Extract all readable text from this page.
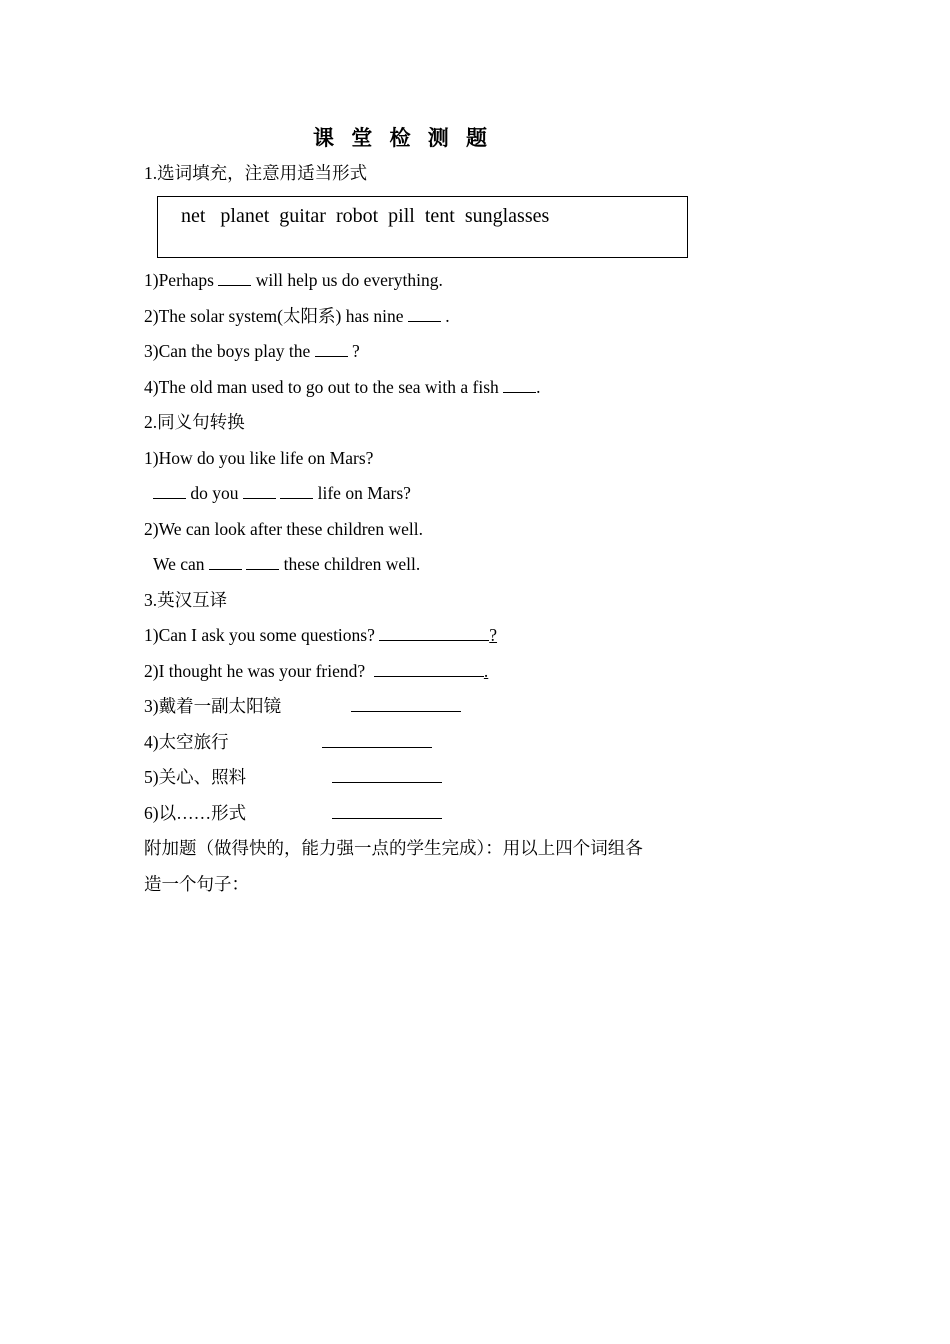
课 堂 检 测 题
1.选词填充，注意用适当形式
net   planet  guitar  robot  pill  tent  sunglasses
1)Perhaps  will help us do everything.
2)The solar system(太阳系) has nine  .
3)Can the boys play the  ?
4)The old man used to go out to the sea with a fish .
2.同义句转换
1)How do you like life on Mars?
do you	life on Mars?
2)We can look after these children well.
We can	these children well.
3.英汉互译
1)Can I ask you some questions?	?
2)I thought he was your friend?	.
3)戴着一副太阳镜
4)太空旅行
5)关心、照料
6)以……形式
附加题（做得快的，能力强一点的学生完成）：用以上四个词组各
造一个句子：
